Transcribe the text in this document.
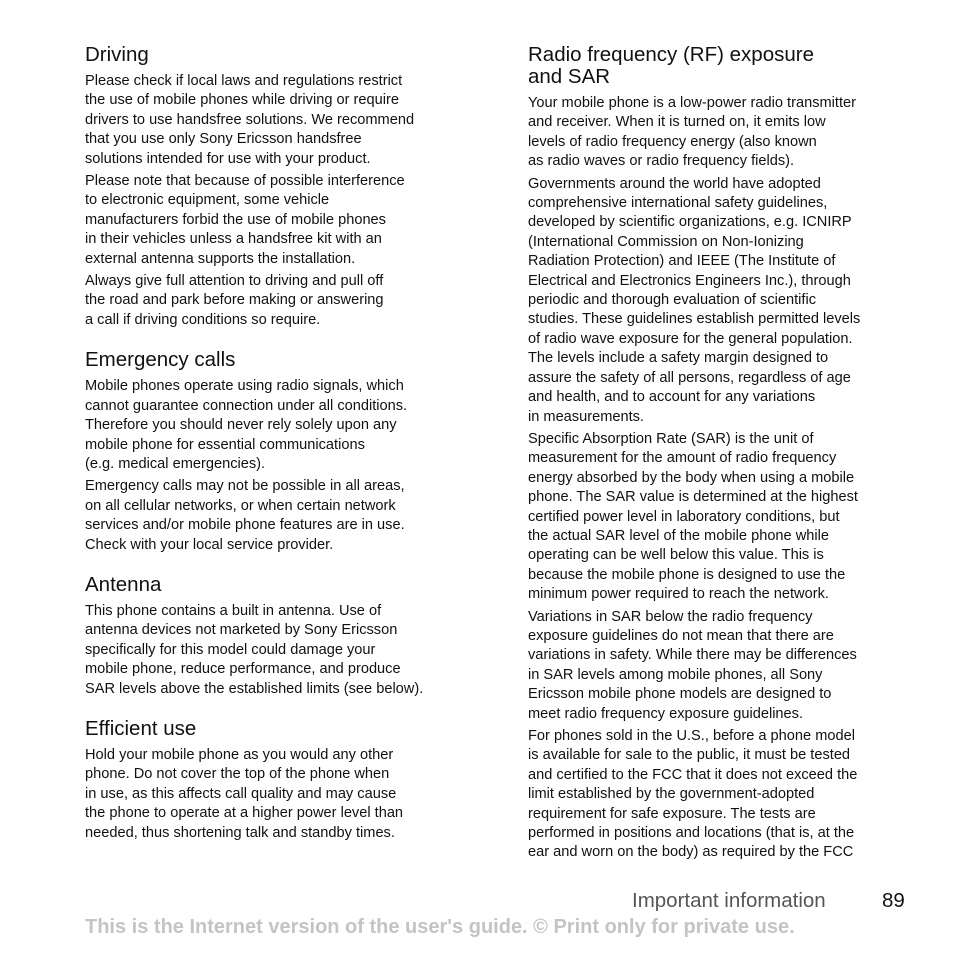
Driving

Please check if local laws and regulations restrict
the use of mobile phones while driving or require
drivers to use handsfree solutions. We recommend
that you use only Sony Ericsson handsfree
solutions intended for use with your product.

Please note that because of possible interference
to electronic equipment, some vehicle
manufacturers forbid the use of mobile phones
in their vehicles unless a handsfree kit with an
external antenna supports the installation.

Always give full attention to driving and pull off
the road and park before making or answering
a call if driving conditions so require.

Emergency calls

Mobile phones operate using radio signals, which
cannot guarantee connection under all conditions.
Therefore you should never rely solely upon any
mobile phone for essential communications
(e.g. medical emergencies).

Emergency calls may not be possible in all areas,
on all cellular networks, or when certain network
services and/or mobile phone features are in use.
Check with your local service provider.

Antenna

This phone contains a built in antenna. Use of
antenna devices not marketed by Sony Ericsson
specifically for this model could damage your
mobile phone, reduce performance, and produce
SAR levels above the established limits (see below).

Efficient use

Hold your mobile phone as you would any other
phone. Do not cover the top of the phone when
in use, as this affects call quality and may cause
the phone to operate at a higher power level than
needed, thus shortening talk and standby times.

Radio frequency (RF) exposure
and SAR

Your mobile phone is a low-power radio transmitter
and receiver. When it is turned on, it emits low
levels of radio frequency energy (also known
as radio waves or radio frequency fields).

Governments around the world have adopted
comprehensive international safety guidelines,
developed by scientific organizations, e.g. ICNIRP
(International Commission on Non-Ionizing
Radiation Protection) and IEEE (The Institute of
Electrical and Electronics Engineers Inc.), through
periodic and thorough evaluation of scientific
studies. These guidelines establish permitted levels
of radio wave exposure for the general population.
The levels include a safety margin designed to
assure the safety of all persons, regardless of age
and health, and to account for any variations
in measurements.

Specific Absorption Rate (SAR) is the unit of
measurement for the amount of radio frequency
energy absorbed by the body when using a mobile
phone. The SAR value is determined at the highest
certified power level in laboratory conditions, but
the actual SAR level of the mobile phone while
operating can be well below this value. This is
because the mobile phone is designed to use the
minimum power required to reach the network.

Variations in SAR below the radio frequency
exposure guidelines do not mean that there are
variations in safety. While there may be differences
in SAR levels among mobile phones, all Sony
Ericsson mobile phone models are designed to
meet radio frequency exposure guidelines.

For phones sold in the U.S., before a phone model
is available for sale to the public, it must be tested
and certified to the FCC that it does not exceed the
limit established by the government-adopted
requirement for safe exposure. The tests are
performed in positions and locations (that is, at the
ear and worn on the body) as required by the FCC

Important information	89
This is the Internet version of the user's guide. © Print only for private use.
